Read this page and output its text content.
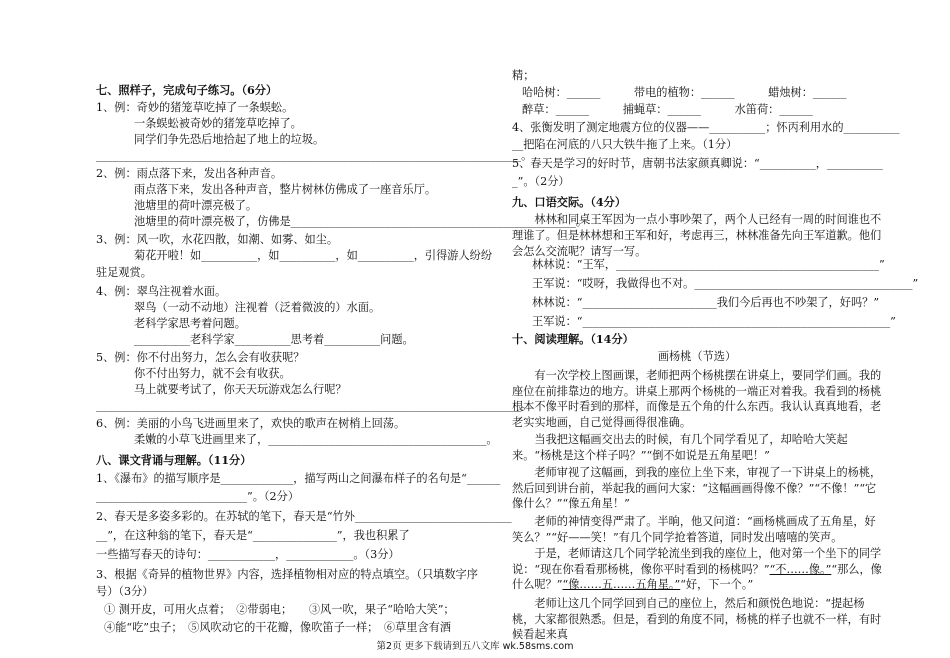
七、照样子，完成句子练习。（6分）
1、例：奇妙的猪笼草吃掉了一条蜈蚣。
一条蜈蚣被奇妙的猪笼草吃掉了。
同学们争先恐后地拾起了地上的垃圾。
____________________________________________________________________________。
2、例：雨点落下来，发出各种声音。
雨点落下来，发出各种声音，整片树林仿佛成了一座音乐厅。
池塘里的荷叶漂亮极了。
池塘里的荷叶漂亮极了，仿佛是___________________________________________________。
3、例：风一吹，水花四散，如潮、如雾、如尘。
菊花开啦！如__________，如__________，如__________，引得游人纷纷
驻足观赏。
4、例：翠鸟注视着水面。
翠鸟（一动不动地）注视着（泛着微波的）水面。
老科学家思考着问题。
__________老科学家__________思考着__________问题。
5、例：你不付出努力，怎么会有收获呢？
你不付出努力，就不会有收获。
马上就要考试了，你天天玩游戏怎么行呢？
____________________________________________________________________________。
6、例：美丽的小鸟飞进画里来了，欢快的歌声在树梢上回荡。
柔嫩的小草飞进画里来了，_______________________________________。
八、课文背诵与理解。（11分）
1、《瀑布》的描写顺序是_____________，描写两山之间瀑布样子的名句是“______
___________________________”。（2分）
2、春天是多姿多彩的。在苏轼的笔下，春天是“竹外____________________________
__”，在这种翁的笔下，春天是“_______________”，我也积累了
一些描写春天的诗句：____________，____________。（3分）
3、根据《奇异的植物世界》内容，选择植物相对应的特点填空。（只填数字序
号）（3分）
① 测开皮，可用火点着；　②带弱电；　　③风一吹，果子“哈哈大笑”；
④能“吃”虫子；　⑤风吹动它的干花瓣，像吹笛子一样；　⑥草里含有酒
精；
哈哈树：______　　　带电的植物：______　　　蜡烛树：______
醉草：______　　　捕蝇草：______　　　水笛荷：______
4、张衡发明了测定地震方位的仪器——__________；怀丙利用水的__________
__把陷在河底的八只大铁牛拖了上来。（1分）
5、春天是学习的好时节，唐朝书法家颜真卿说：“__________，__________
_”。（2分）
九、口语交际。（4分）
林林和同桌王军因为一点小事吵架了，两个人已经有一周的时间谁也不理谁了。但是林林想和王军和好，考虑再三，林林准备先向王军道歉。他们会怎么交流呢？请写一写。
林林说：“王军，_______________________________________________”
王军说：“哎呀，我做得也不对。_______________________________________”
林林说：“________________________我们今后再也不吵架了，好吗？”
王军说：“_______________________________________________________”
十、阅读理解。（14分）
画杨桃（节选）
有一次学校上图画课，老师把两个杨桃摆在讲桌上，要同学们画。我的座位在前排靠边的地方。讲桌上那两个杨桃的一端正对着我。我看到的杨桃根本不像平时看到的那样，而像是五个角的什么东西。我认认真真地看，老老实实地画，自己觉得画得很准确。
当我把这幅画交出去的时候，有几个同学看见了，却哈哈大笑起来。“杨桃是这个样子吗？”“倒不如说是五角星吧！”
老师审视了这幅画，到我的座位上坐下来，审视了一下讲桌上的杨桃，然后回到讲台前，举起我的画问大家：“这幅画画得像不像？”“不像！”“它像什么？”“像五角星！”
老师的神情变得严肃了。半晌，他又问道：“画杨桃画成了五角星，好笑么？”“好——笑！”有几个同学抢着答道，同时发出嘻嘻的笑声。
于是，老师请这几个同学轮流坐到我的座位上，他对第一个坐下的同学说：“现在你看看那杨桃，像你平时看到的杨桃吗？”“不……像。”“那么，像什么呢？”“像……五……五角星。”“好，下一个。”
老师让这几个同学回到自己的座位上，然后和颜悦色地说：“提起杨桃，大家都很熟悉。但是，看到的角度不同，杨桃的样子也就不一样，有时候看起来真
第2页 更多下载请到五八文库 wk.58sms.com
